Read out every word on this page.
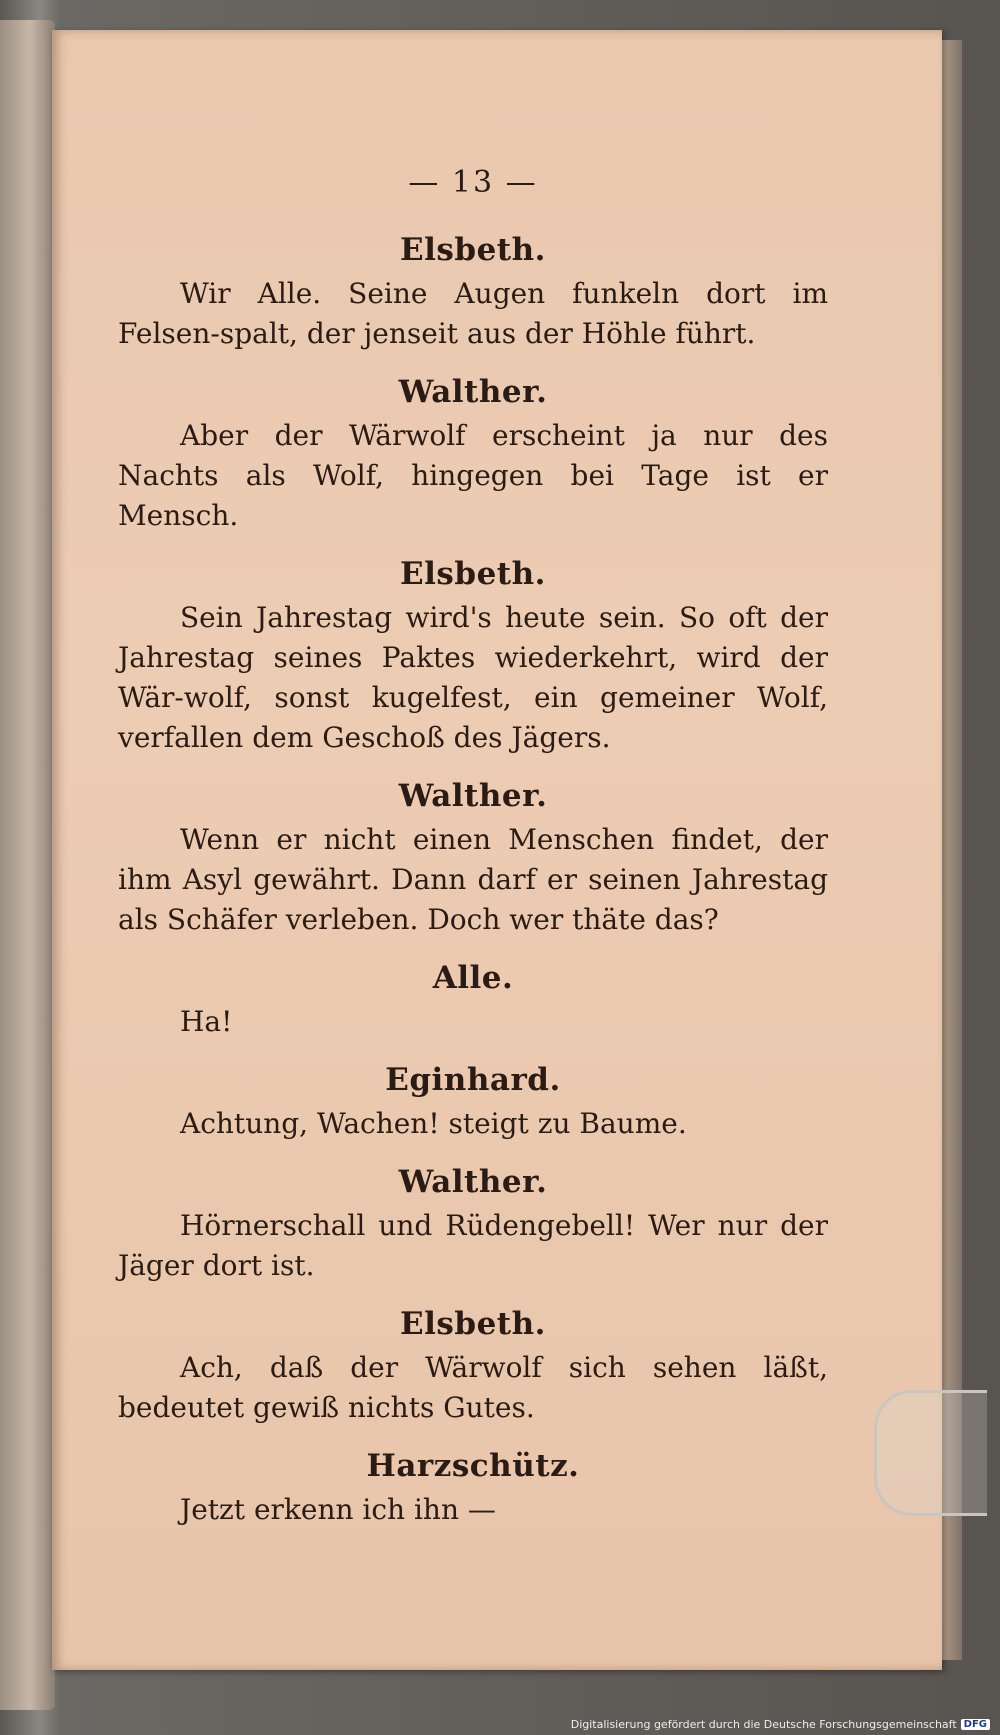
— 13 —
Elsbeth.

Wir Alle. Seine Augen funkeln dort im Felsen-spalt, der jenseit aus der Höhle führt.

Walther.

Aber der Wärwolf erscheint ja nur des Nachts als Wolf, hingegen bei Tage ist er Mensch.

Elsbeth.

Sein Jahrestag wird's heute sein. So oft der Jahrestag seines Paktes wiederkehrt, wird der Wär-wolf, sonst kugelfest, ein gemeiner Wolf, verfallen dem Geschoß des Jägers.

Walther.

Wenn er nicht einen Menschen findet, der ihm Asyl gewährt. Dann darf er seinen Jahrestag als Schäfer verleben. Doch wer thäte das?

Alle.

Ha!

Eginhard.

Achtung, Wachen! steigt zu Baume.

Walther.

Hörnerschall und Rüdengebell! Wer nur der Jäger dort ist.

Elsbeth.

Ach, daß der Wärwolf sich sehen läßt, bedeutet gewiß nichts Gutes.

Harzschütz.

Jetzt erkenn ich ihn —

Digitalisierung gefördert durch die Deutsche Forschungsgemeinschaft DFG
